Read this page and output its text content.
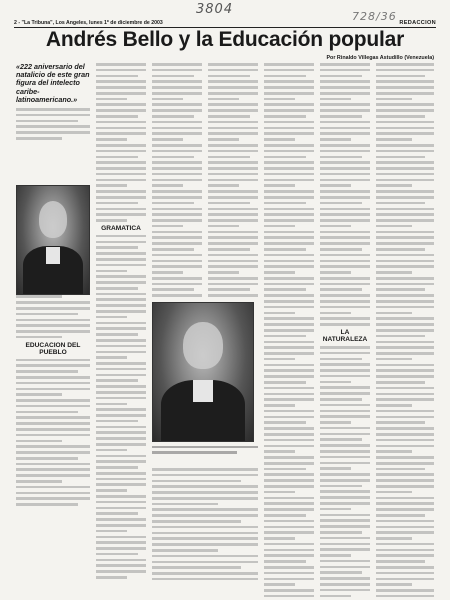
3804	728/36
2 - "La Tribuna", Los Angeles, lunes 1º de diciembre de 2003	REDACCION
Andrés Bello y la Educación popular
Por Rinaldo Villegas Astudillo (Venezuela)
«222 aniversario del natalicio de este gran figura del intelecto caribe-latinoamericano.»
EDUCACION DEL PUEBLO
GRAMATICA
LA NATURALEZA
